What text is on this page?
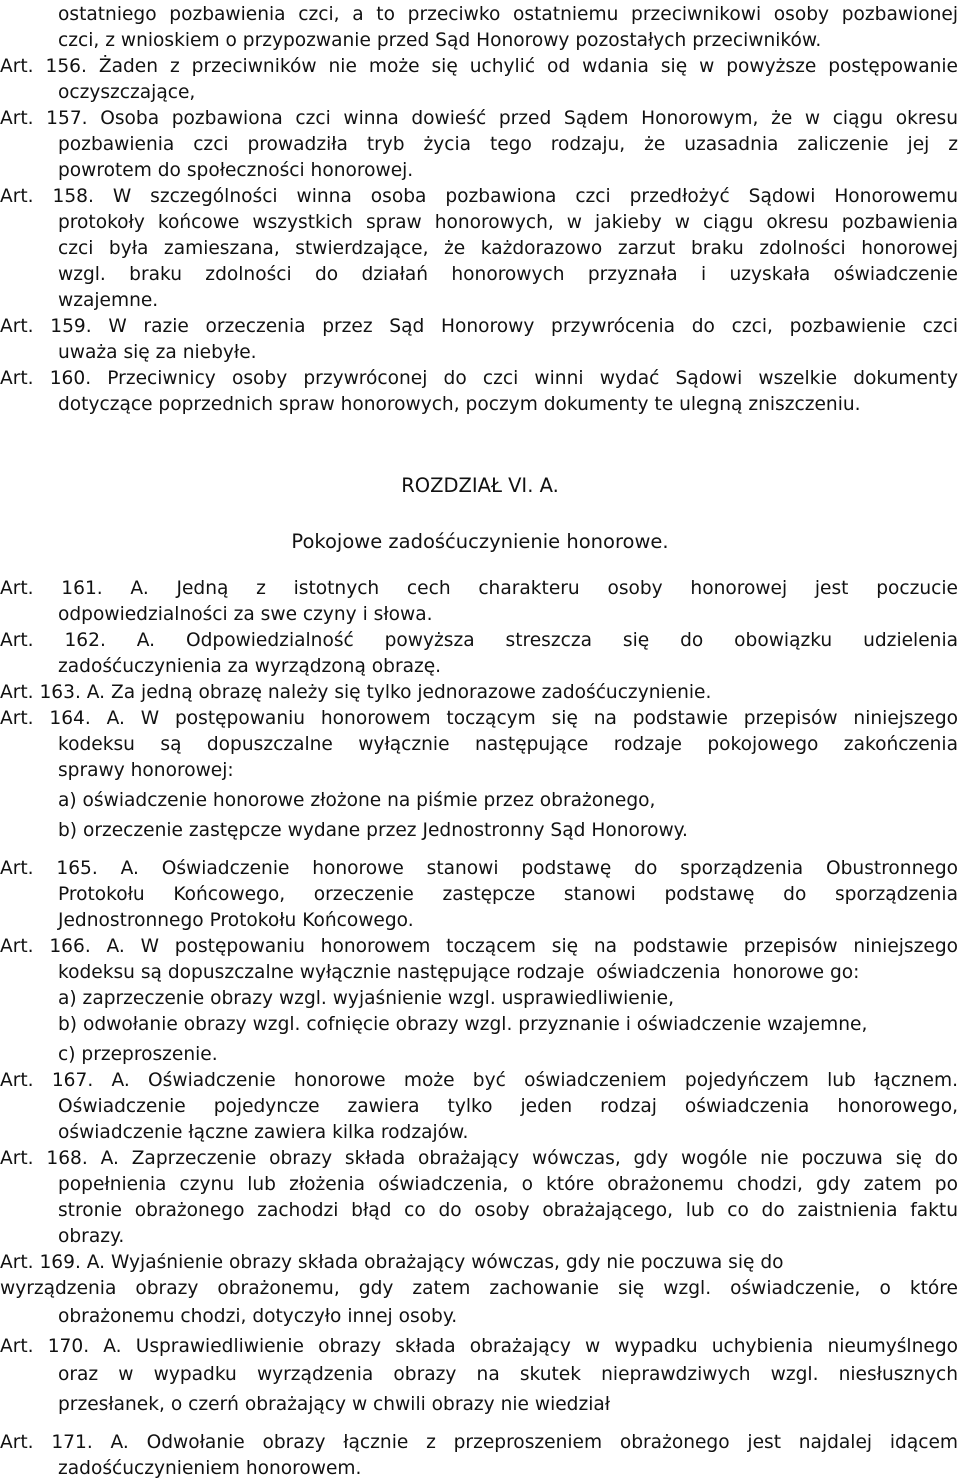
ostatniego pozbawienia czci, a to przeciwko ostatniemu przeciwnikowi osoby pozbawionej
czci, z wnioskiem o przypozwanie przed Sąd Honorowy pozostałych przeciwników.
Art. 156. Żaden z przeciwników nie może się uchylić od wdania się w powyższe postępowanie
oczyszczające,
Art. 157. Osoba pozbawiona czci winna dowieść przed Sądem Honorowym, że w ciągu okresu
pozbawienia czci prowadziła tryb życia tego rodzaju, że uzasadnia zaliczenie jej z
powrotem do społeczności honorowej.
Art. 158. W szczególności winna osoba pozbawiona czci przedłożyć Sądowi Honorowemu
protokoły końcowe wszystkich spraw honorowych, w jakieby w ciągu okresu pozbawienia
czci była zamieszana, stwierdzające, że każdorazowo zarzut braku zdolności honorowej
wzgl. braku zdolności do działań honorowych przyznała i uzyskała oświadczenie
wzajemne.
Art. 159. W razie orzeczenia przez Sąd Honorowy przywrócenia do czci, pozbawienie czci
uważa się za niebyłe.
Art. 160. Przeciwnicy osoby przywróconej do czci winni wydać Sądowi wszelkie dokumenty
dotyczące poprzednich spraw honorowych, poczym dokumenty te ulegną zniszczeniu.
ROZDZIAŁ VI. A.
Pokojowe zadośćuczynienie honorowe.
Art. 161. A. Jedną z istotnych cech charakteru osoby honorowej jest poczucie
odpowiedzialności za swe czyny i słowa.
Art. 162. A. Odpowiedzialność powyższa streszcza się do obowiązku udzielenia
zadośćuczynienia za wyrządzoną obrazę.
Art. 163. A. Za jedną obrazę należy się tylko jednorazowe zadośćuczynienie.
Art. 164. A. W postępowaniu honorowem toczącym się na podstawie przepisów niniejszego
kodeksu są dopuszczalne wyłącznie następujące rodzaje pokojowego zakończenia
sprawy honorowej:
a) oświadczenie honorowe złożone na piśmie przez obrażonego,
b) orzeczenie zastępcze wydane przez Jednostronny Sąd Honorowy.
Art. 165. A. Oświadczenie honorowe stanowi podstawę do sporządzenia Obustronnego
Protokołu Końcowego, orzeczenie zastępcze stanowi podstawę do sporządzenia
Jednostronnego Protokołu Końcowego.
Art. 166. A. W postępowaniu honorowem toczącem się na podstawie przepisów niniejszego
kodeksu są dopuszczalne wyłącznie następujące rodzaje  oświadczenia  honorowe go:
a) zaprzeczenie obrazy wzgl. wyjaśnienie wzgl. usprawiedliwienie,
b) odwołanie obrazy wzgl. cofnięcie obrazy wzgl. przyznanie i oświadczenie wzajemne,
c) przeproszenie.
Art. 167. A. Oświadczenie honorowe może być oświadczeniem pojedyńczem lub łącznem.
Oświadczenie pojedyncze zawiera tylko jeden rodzaj oświadczenia honorowego,
oświadczenie łączne zawiera kilka rodzajów.
Art. 168. A. Zaprzeczenie obrazy składa obrażający wówczas, gdy wogóle nie poczuwa się do
popełnienia czynu lub złożenia oświadczenia, o które obrażonemu chodzi, gdy zatem po
stronie obrażonego zachodzi błąd co do osoby obrażającego, lub co do zaistnienia faktu
obrazy.
Art. 169. A. Wyjaśnienie obrazy składa obrażający wówczas, gdy nie poczuwa się do
wyrządzenia obrazy obrażonemu, gdy zatem zachowanie się wzgl. oświadczenie, o które
obrażonemu chodzi, dotyczyło innej osoby.
Art. 170. A. Usprawiedliwienie obrazy składa obrażający w wypadku uchybienia nieumyślnego
oraz w wypadku wyrządzenia obrazy na skutek nieprawdziwych wzgl. niesłusznych
przesłanek, o czerń obrażający w chwili obrazy nie wiedział
Art. 171. A. Odwołanie obrazy łącznie z przeproszeniem obrażonego jest najdalej idącem
zadośćuczynieniem honorowem.
